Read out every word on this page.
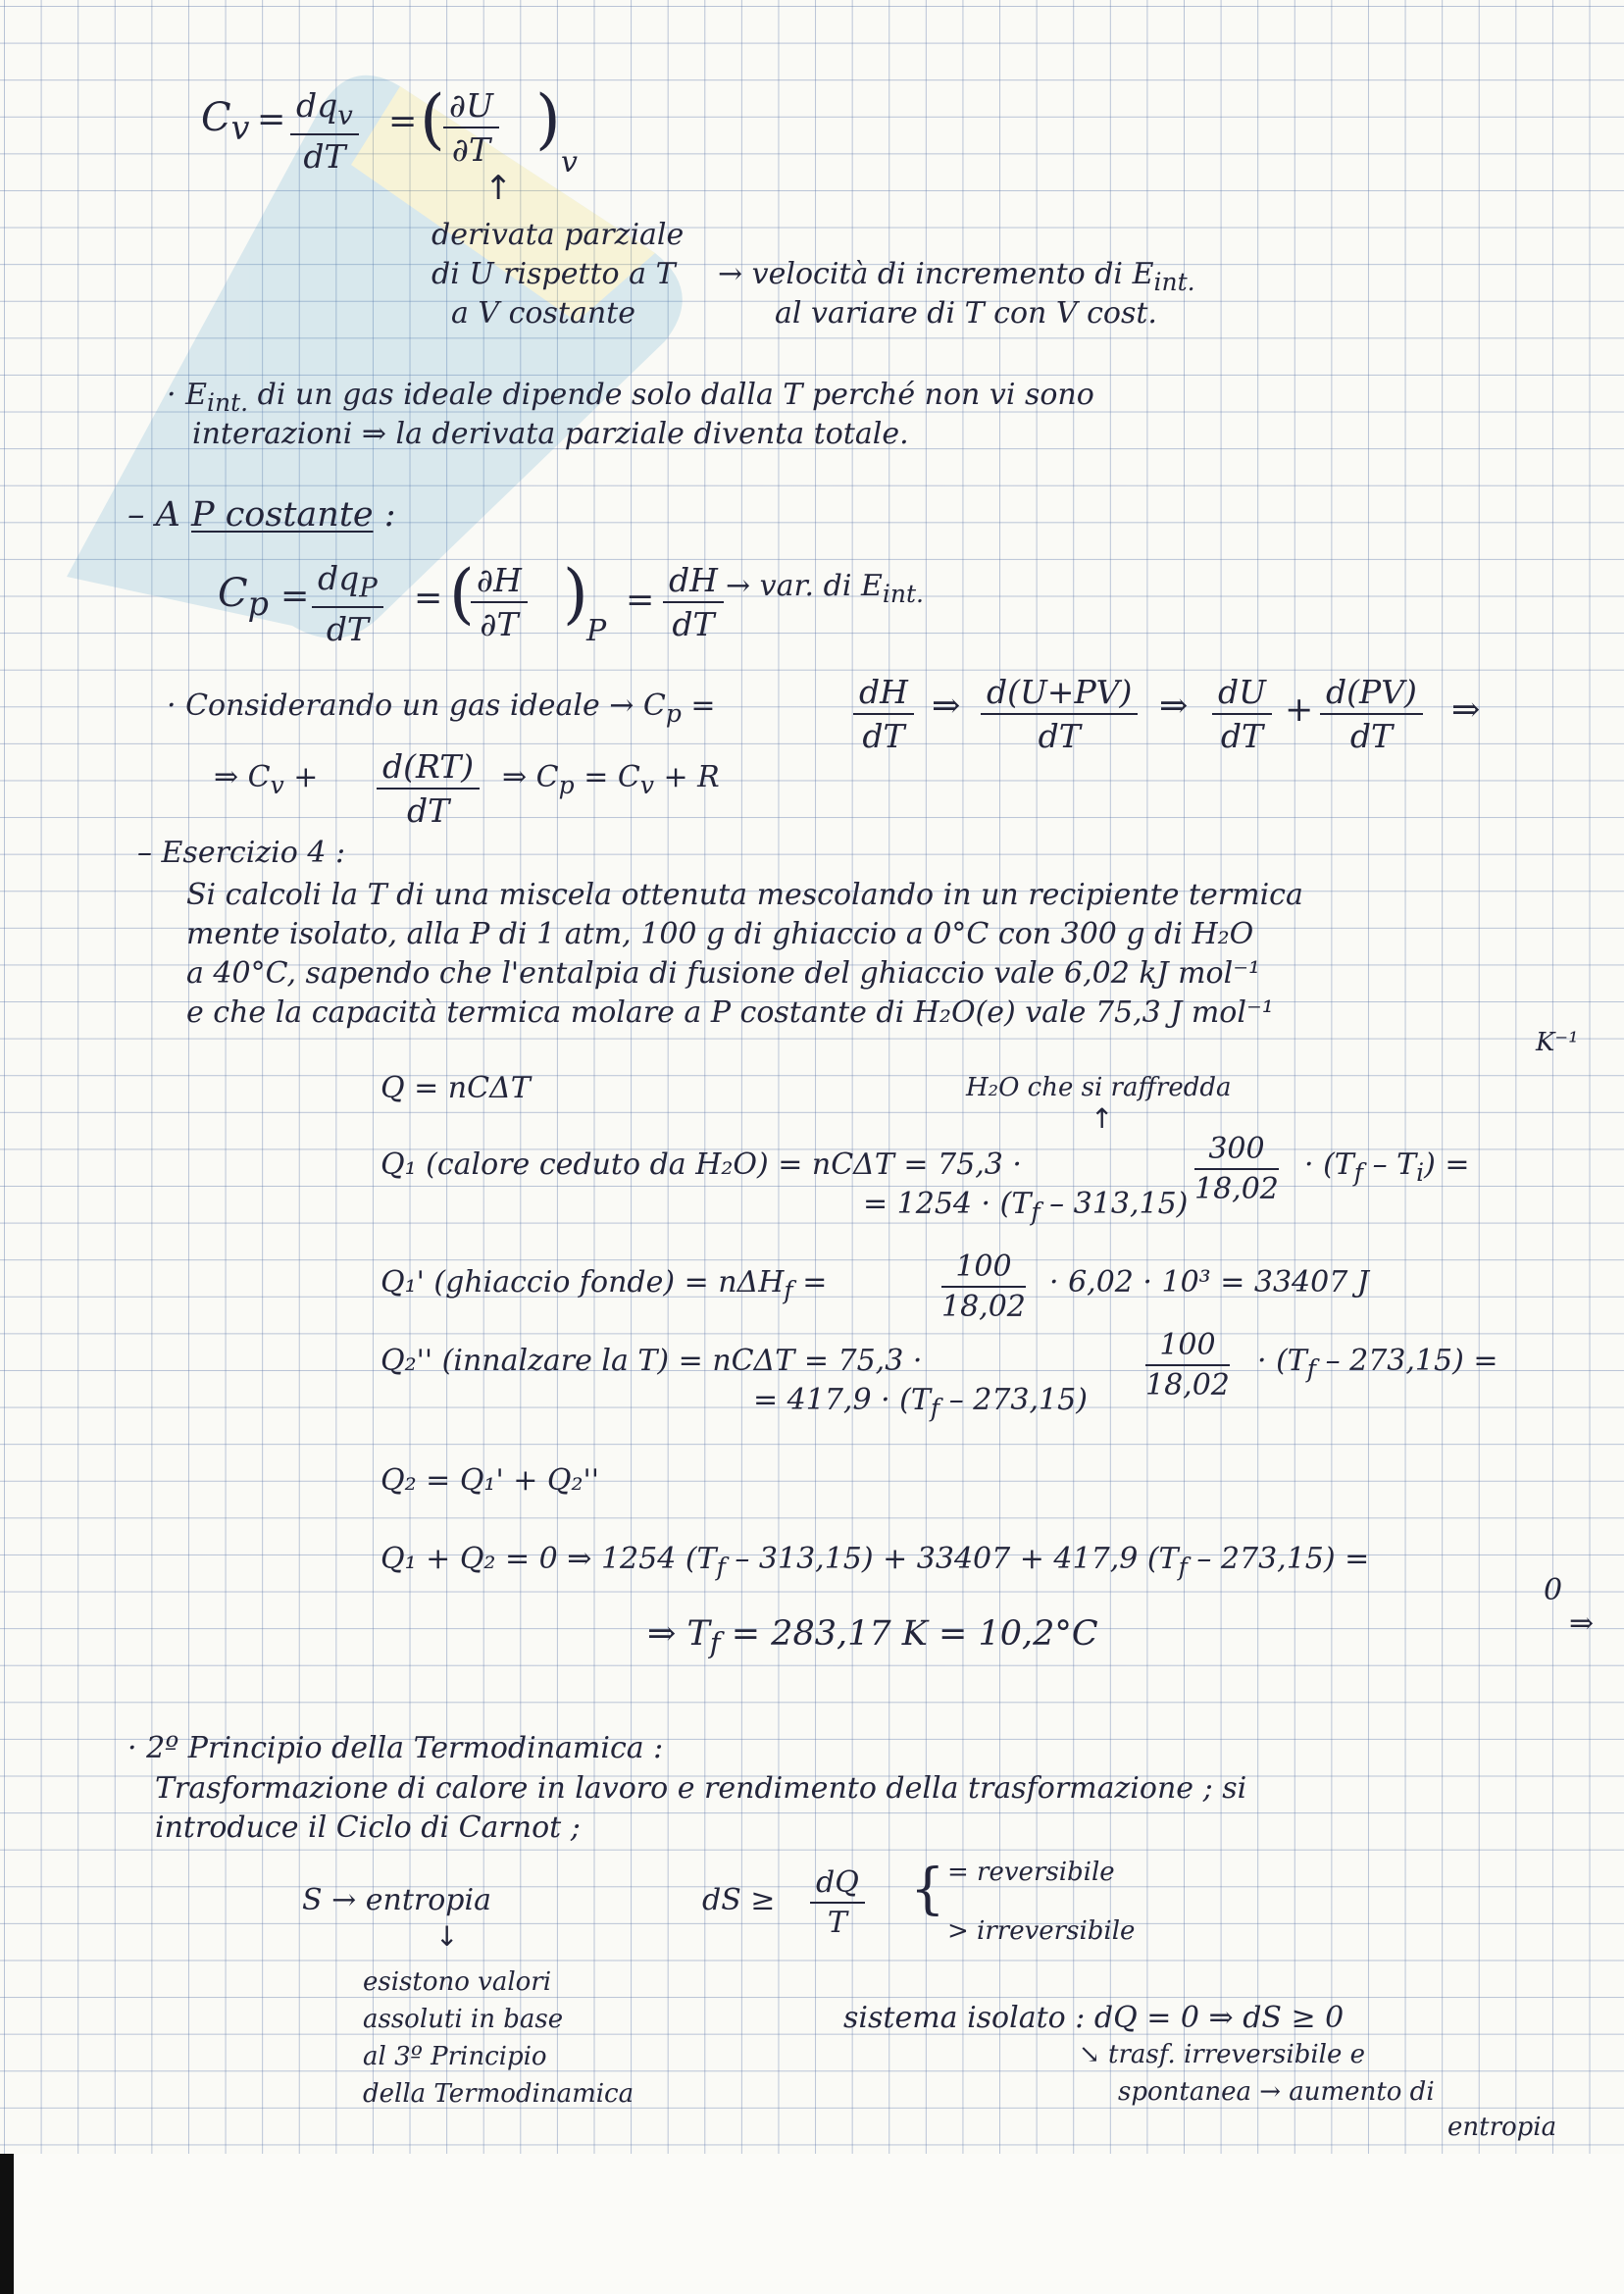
$C_v = dq_v$
dT
= (
$\frac{\partial U}{\partial T}$ )
v
↑
derivata parziale
di U rispetto a T
a V costante
→ velocità di incremento di $E_{int.}$
al variare di T con V cost.
· $E_{int.}$ di un gas ideale dipende solo dalla T perché non vi sono
interazioni ⇒ la derivata parziale diventa totale.
– A P costante :
$C_p = dq_P$
dT
= (
$\frac{\partial H}{\partial T}$ )
P
= $\frac{dH}{dT}$ → var. di $E_{int.}$
· Considerando un gas ideale → $C_p$ =	$\frac{dH}{dT}$ ⇒ $\frac{d(U+PV)}{dT}$ ⇒ $\frac{dU}{dT} + \frac{d(PV)}{dT}$ ⇒
⇒ $C_v + \frac{d(RT)}{dT}$ ⇒ $C_p = C_v + R$
– Esercizio 4 :
Si calcoli la T di una miscela ottenuta mescolando in un recipiente termica
mente isolato, alla P di 1 atm, 100 g di ghiaccio a 0°C con 300 g di H₂O
a 40°C, sapendo che l'entalpia di fusione del ghiaccio vale 6,02 kJ mol⁻¹
e che la capacità termica molare a P costante di H₂O(e) vale 75,3 J mol⁻¹
K⁻¹
Q = nCΔT	H₂O che si raffredda
↑
Q₁ (calore ceduto da H₂O) = nCΔT = 75,3 ·	$\frac{300}{18,02} \cdot (T_f - T_i)$ =
= $1254 \cdot (T_f - 313,15)$
Q₁' (ghiaccio fonde) = nΔH$_f$ =	$\frac{100}{18,02} \cdot 6,02 \cdot 10^3 = 33407$ J
Q₂'' (innalzare la T) = nCΔT = 75,3 ·	$\frac{100}{18,02} \cdot (T_f - 273,15)$ =
= $417,9 \cdot (T_f - 273,15)$
Q₂ = Q₁' + Q₂''
Q₁ + Q₂ = 0 ⇒ 1254 $(T_f - 313,15) + 33407 + 417,9$ $(T_f - 273,15)$ =
0
⇒ $T_f = 283,17$ K = 10,2°C	⇒
· 2º Principio della Termodinamica :
Trasformazione di calore in lavoro e rendimento della trasformazione ; si
introduce il Ciclo di Carnot ;
S → entropia	dS ≥ $\frac{dQ}{T}$ { = reversibile
> irreversibile
↓
esistono valori
assoluti in base
al 3º Principio
della Termodinamica
sistema isolato : dQ = 0 ⇒ dS ≥ 0
↘ trasf. irreversibile e
spontanea → aumento di
entropia
